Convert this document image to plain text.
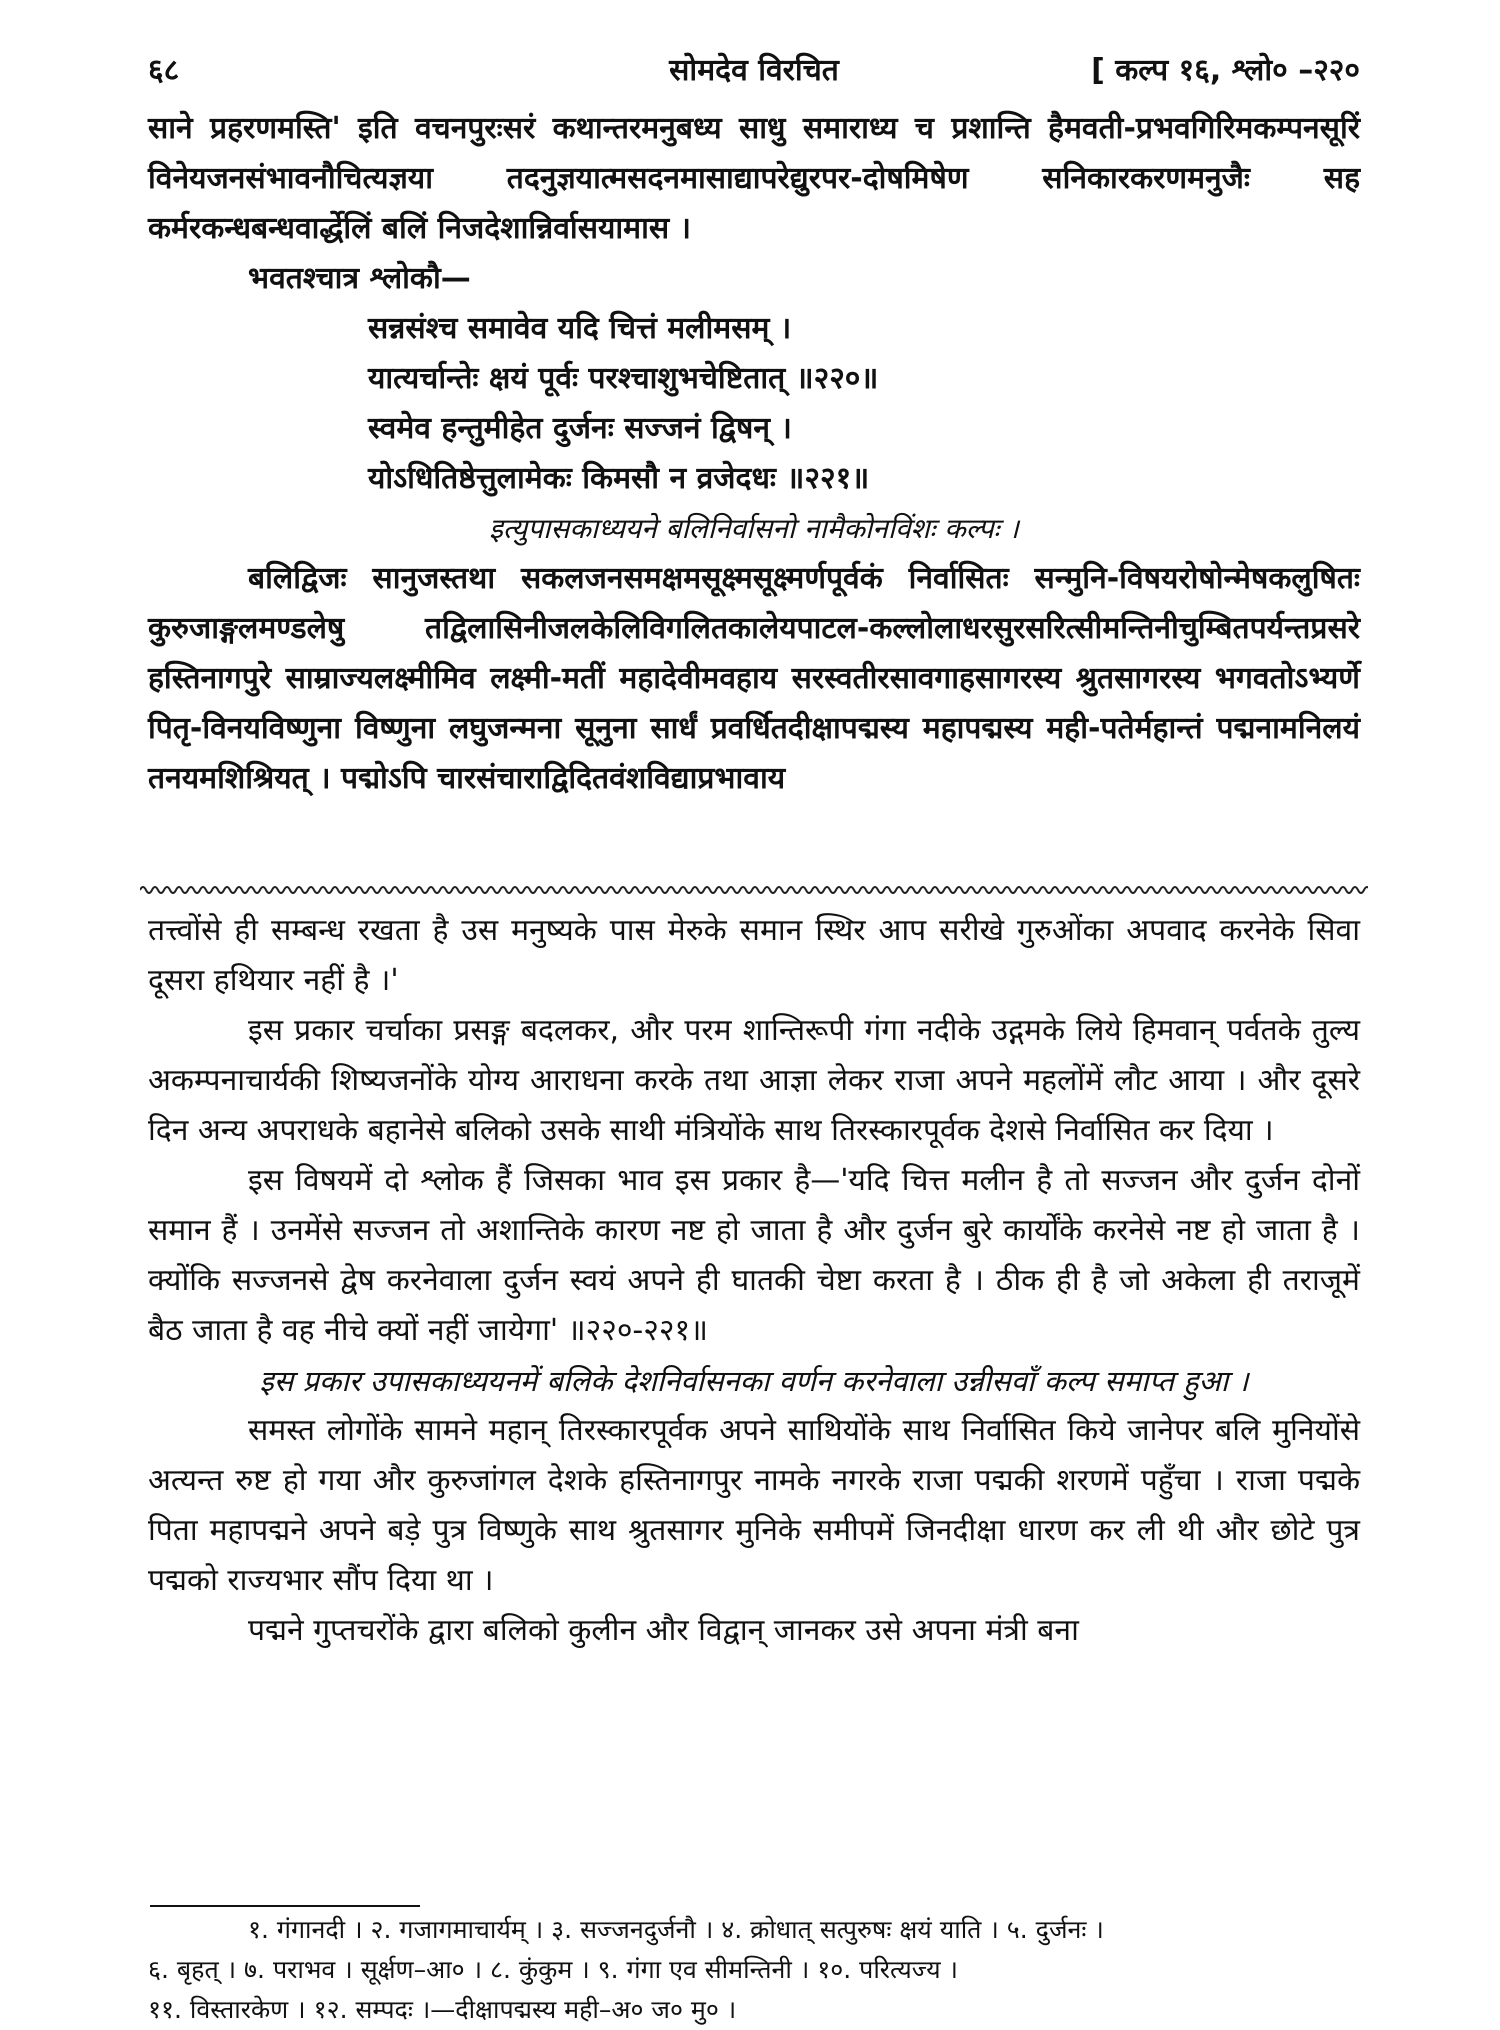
६८	सोमदेव विरचित	[ कल्प १६, श्लो० –२२०

साने प्रहरणमस्ति' इति वचनपुरःसरं कथान्तरमनुबध्य साधु समाराध्य च प्रशान्ति हैमवती-प्रभवगिरिमकम्पनसूरिं विनेयजनसंभावनौचित्यज्ञया तदनुज्ञयात्मसदनमासाद्यापरेद्युरपर-दोषमिषेण सनिकारकरणमनुजैः सह कर्मरकन्धबन्धवार्द्धेलिं बलिं निजदेशान्निर्वासयामास ।

भवतश्चात्र श्लोकौ—

सन्नसंश्च समावेव यदि चित्तं मलीमसम् ।
यात्यर्चान्तेः क्षयं पूर्वः परश्चाशुभचेष्टितात् ॥२२०॥
स्वमेव हन्तुमीहेत दुर्जनः सज्जनं द्विषन् ।
योऽधितिष्ठेत्तुलामेकः किमसौ न व्रजेदधः ॥२२१॥
इत्युपासकाध्ययने बलिनिर्वासनो नामैकोनविंशः कल्पः ।

बलिद्विजः सानुजस्तथा सकलजनसमक्षमसूक्ष्मसूक्ष्मर्णपूर्वकं निर्वासितः सन्मुनि-विषयरोषोन्मेषकलुषितः कुरुजाङ्गलमण्डलेषु तद्विलासिनीजलकेलिविगलितकालेयपाटल-कल्लोलाधरसुरसरित्सीमन्तिनीचुम्बितपर्यन्तप्रसरे हस्तिनागपुरे साम्राज्यलक्ष्मीमिव लक्ष्मी-मतीं महादेवीमवहाय सरस्वतीरसावगाहसागरस्य श्रुतसागरस्य भगवतोऽभ्यर्णे पितृ-विनयविष्णुना विष्णुना लघुजन्मना सूनुना सार्धं प्रवर्धितदीक्षापद्मस्य महापद्मस्य मही-पतेर्महान्तं पद्मनामनिलयं तनयमशिश्रियत् । पद्मोऽपि चारसंचाराद्विदितवंशविद्याप्रभावाय

तत्त्वोंसे ही सम्बन्ध रखता है उस मनुष्यके पास मेरुके समान स्थिर आप सरीखे गुरुओंका अपवाद करनेके सिवा दूसरा हथियार नहीं है ।'

इस प्रकार चर्चाका प्रसङ्ग बदलकर, और परम शान्तिरूपी गंगा नदीके उद्गमके लिये हिमवान् पर्वतके तुल्य अकम्पनाचार्यकी शिष्यजनोंके योग्य आराधना करके तथा आज्ञा लेकर राजा अपने महलोंमें लौट आया । और दूसरे दिन अन्य अपराधके बहानेसे बलिको उसके साथी मंत्रियोंके साथ तिरस्कारपूर्वक देशसे निर्वासित कर दिया ।

इस विषयमें दो श्लोक हैं जिसका भाव इस प्रकार है—'यदि चित्त मलीन है तो सज्जन और दुर्जन दोनों समान हैं । उनमेंसे सज्जन तो अशान्तिके कारण नष्ट हो जाता है और दुर्जन बुरे कार्योंके करनेसे नष्ट हो जाता है । क्योंकि सज्जनसे द्वेष करनेवाला दुर्जन स्वयं अपने ही घातकी चेष्टा करता है । ठीक ही है जो अकेला ही तराजूमें बैठ जाता है वह नीचे क्यों नहीं जायेगा' ॥२२०-२२१॥

इस प्रकार उपासकाध्ययनमें बलिके देशनिर्वासनका वर्णन करनेवाला उन्नीसवाँ कल्प समाप्त हुआ ।

समस्त लोगोंके सामने महान् तिरस्कारपूर्वक अपने साथियोंके साथ निर्वासित किये जानेपर बलि मुनियोंसे अत्यन्त रुष्ट हो गया और कुरुजांगल देशके हस्तिनागपुर नामके नगरके राजा पद्मकी शरणमें पहुँचा । राजा पद्मके पिता महापद्मने अपने बड़े पुत्र विष्णुके साथ श्रुतसागर मुनिके समीपमें जिनदीक्षा धारण कर ली थी और छोटे पुत्र पद्मको राज्यभार सौंप दिया था ।

पद्मने गुप्तचरोंके द्वारा बलिको कुलीन और विद्वान् जानकर उसे अपना मंत्री बना

१. गंगानदी । २. गजागमाचार्यम् । ३. सज्जनदुर्जनौ । ४. क्रोधात् सत्पुरुषः क्षयं याति । ५. दुर्जनः ।

६. बृहत् । ७. पराभव । सूर्क्षण–आ० । ८. कुंकुम । ९. गंगा एव सीमन्तिनी । १०. परित्यज्य ।

११. विस्तारकेण । १२. सम्पदः ।—दीक्षापद्मस्य मही–अ० ज० मु० ।
